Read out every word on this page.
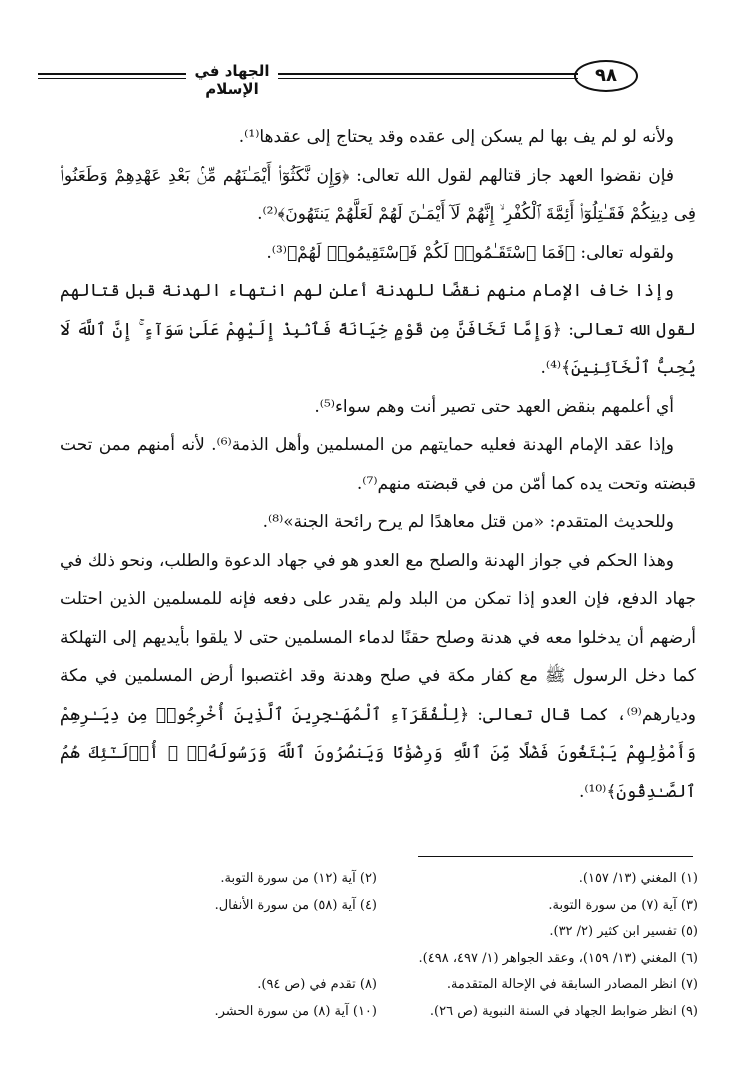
الجهاد في الإسلام
٩٨

ولأنه لو لم يف بها لم يسكن إلى عقده وقد يحتاج إلى عقدها⁽¹⁾.

فإن نقضوا العهد جاز قتالهم لقول الله تعالى: ﴿وَإِن نَّكَثُوٓا۟ أَيْمَـٰنَهُم مِّنۢ بَعْدِ عَهْدِهِمْ وَطَعَنُوا۟ فِى دِينِكُمْ فَقَـٰتِلُوٓا۟ أَئِمَّةَ ٱلْكُفْرِ ۙ إِنَّهُمْ لَآ أَيْمَـٰنَ لَهُمْ لَعَلَّهُمْ يَنتَهُونَ﴾⁽²⁾.

ولقوله تعالى: ﴿فَمَا ٱسْتَقَـٰمُوا۟ لَكُمْ فَٱسْتَقِيمُوا۟ لَهُمْ﴾⁽³⁾.

وإذا خاف الإمام منهم نقضًا للهدنة أعلن لهم انتهاء الهدنة قبل قتالهم لقول الله تعالى: ﴿وَإِمَّا تَخَافَنَّ مِن قَوْمٍ خِيَانَةً فَٱنۢبِذْ إِلَيْهِمْ عَلَىٰ سَوَآءٍ ۚ إِنَّ ٱللَّهَ لَا يُحِبُّ ٱلْخَآئِنِينَ﴾⁽⁴⁾.

أي أعلمهم بنقض العهد حتى تصير أنت وهم سواء⁽⁵⁾.

وإذا عقد الإمام الهدنة فعليه حمايتهم من المسلمين وأهل الذمة⁽⁶⁾. لأنه أمنهم ممن تحت قبضته وتحت يده كما أمّن من في قبضته منهم⁽⁷⁾.

وللحديث المتقدم: «من قتل معاهدًا لم يرح رائحة الجنة»⁽⁸⁾.

وهذا الحكم في جواز الهدنة والصلح مع العدو هو في جهاد الدعوة والطلب، ونحو ذلك في جهاد الدفع، فإن العدو إذا تمكن من البلد ولم يقدر على دفعه فإنه للمسلمين الذين احتلت أرضهم أن يدخلوا معه في هدنة وصلح حقنًا لدماء المسلمين حتى لا يلقوا بأيديهم إلى التهلكة كما دخل الرسول ﷺ مع كفار مكة في صلح وهدنة وقد اغتصبوا أرض المسلمين في مكة وديارهم⁽⁹⁾، كما قال تعالى: ﴿لِلْفُقَرَآءِ ٱلْمُهَـٰجِرِينَ ٱلَّذِينَ أُخْرِجُوا۟ مِن دِيَـٰرِهِمْ وَأَمْوَٰلِهِمْ يَبْتَغُونَ فَضْلًا مِّنَ ٱللَّهِ وَرِضْوَٰنًا وَيَنصُرُونَ ٱللَّهَ وَرَسُولَهُۥٓ ۚ أُو۟لَـٰٓئِكَ هُمُ ٱلصَّـٰدِقُونَ﴾⁽¹⁰⁾.

(١) المغني (١٣/ ١٥٧).
(٢) آية (١٢) من سورة التوبة.
(٣) آية (٧) من سورة التوبة.
(٤) آية (٥٨) من سورة الأنفال.
(٥) تفسير ابن كثير (٢/ ٣٢).
(٦) المغني (١٣/ ١٥٩)، وعقد الجواهر (١/ ٤٩٧، ٤٩٨).
(٧) انظر المصادر السابقة في الإحالة المتقدمة.
(٨) تقدم في (ص ٩٤).
(٩) انظر ضوابط الجهاد في السنة النبوية (ص ٢٦).
(١٠) آية (٨) من سورة الحشر.
